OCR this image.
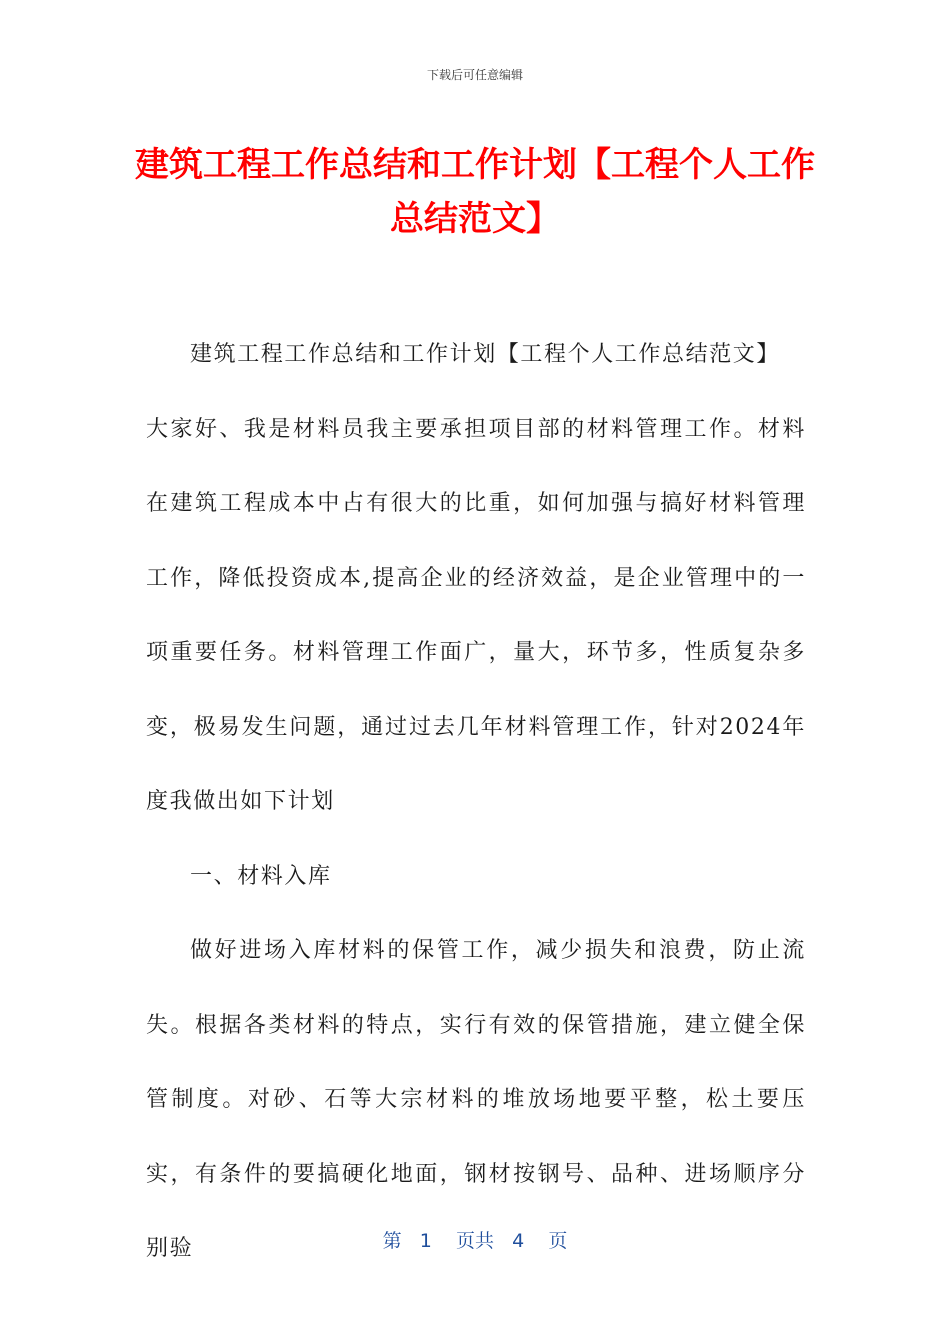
下载后可任意编辑
建筑工程工作总结和工作计划【工程个人工作总结范文】

建筑工程工作总结和工作计划【工程个人工作总结范文】

大家好、我是材料员我主要承担项目部的材料管理工作。材料在建筑工程成本中占有很大的比重，如何加强与搞好材料管理工作，降低投资成本,提高企业的经济效益，是企业管理中的一项重要任务。材料管理工作面广，量大，环节多，性质复杂多变，极易发生问题，通过过去几年材料管理工作，针对2024年度我做出如下计划

一、材料入库

做好进场入库材料的保管工作，减少损失和浪费，防止流失。根据各类材料的特点，实行有效的保管措施，建立健全保管制度。对砂、石等大宗材料的堆放场地要平整，松土要压实，有条件的要搞硬化地面，钢材按钢号、品种、进场顺序分别验	第 1 页共 4 页
